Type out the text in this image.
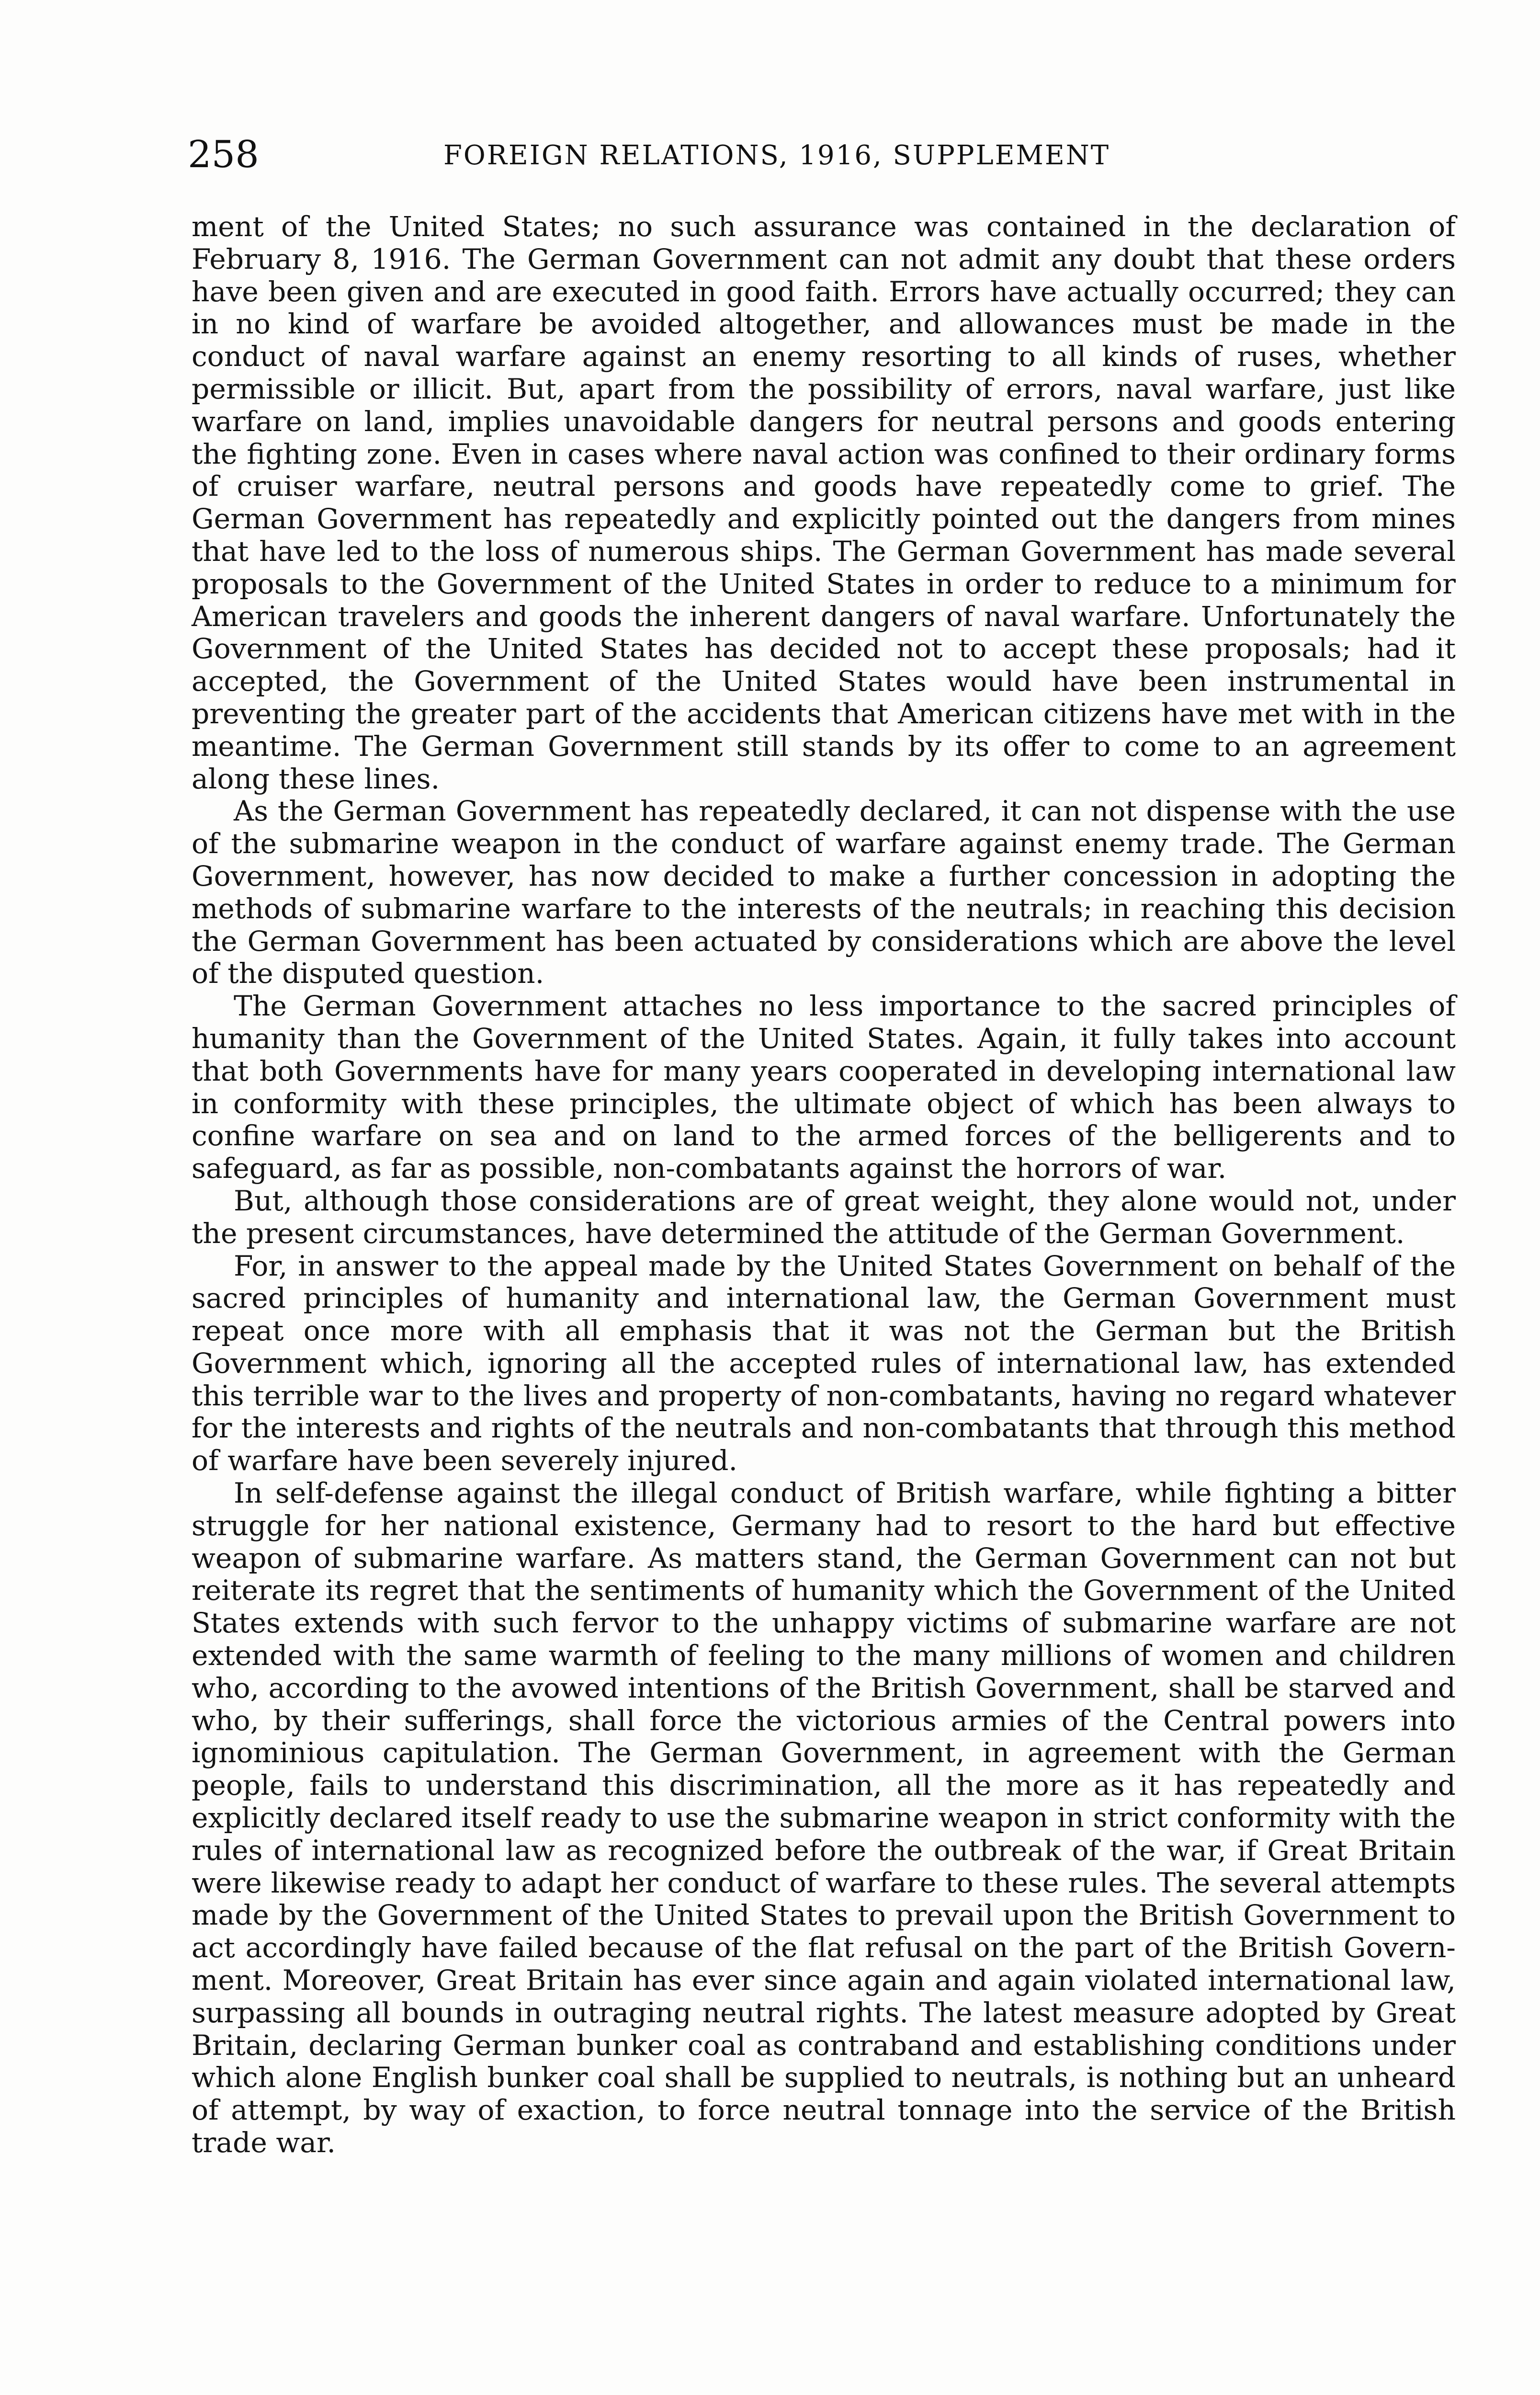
258	FOREIGN RELATIONS, 1916, SUPPLEMENT

ment of the United States; no such assurance was contained in the declaration of February 8, 1916. The German Government can not admit any doubt that these orders have been given and are executed in good faith. Errors have actually occurred; they can in no kind of warfare be avoided altogether, and allowances must be made in the conduct of naval warfare against an enemy resorting to all kinds of ruses, whether permissible or illicit. But, apart from the possibility of errors, naval warfare, just like warfare on land, implies unavoidable dangers for neutral persons and goods entering the fighting zone. Even in cases where naval action was confined to their ordinary forms of cruiser warfare, neutral persons and goods have repeatedly come to grief. The German Government has repeatedly and explicitly pointed out the dangers from mines that have led to the loss of numerous ships. The German Government has made several proposals to the Government of the United States in order to reduce to a minimum for American travelers and goods the inherent dangers of naval warfare. Unfortunately the Government of the United States has decided not to accept these proposals; had it accepted, the Government of the United States would have been instrumental in preventing the greater part of the accidents that American citizens have met with in the meantime. The German Government still stands by its offer to come to an agreement along these lines.

As the German Government has repeatedly declared, it can not dispense with the use of the submarine weapon in the conduct of warfare against enemy trade. The German Government, however, has now decided to make a further concession in adopting the methods of submarine warfare to the interests of the neutrals; in reaching this decision the German Government has been actuated by considerations which are above the level of the disputed question.

The German Government attaches no less importance to the sacred principles of humanity than the Government of the United States. Again, it fully takes into account that both Governments have for many years cooperated in developing international law in conformity with these principles, the ultimate object of which has been always to confine warfare on sea and on land to the armed forces of the belligerents and to safeguard, as far as possible, non-combatants against the horrors of war.

But, although those considerations are of great weight, they alone would not, under the present circumstances, have determined the attitude of the German Government.

For, in answer to the appeal made by the United States Government on behalf of the sacred principles of humanity and international law, the German Government must repeat once more with all emphasis that it was not the German but the British Government which, ignoring all the accepted rules of international law, has extended this terrible war to the lives and property of non-combatants, having no regard whatever for the interests and rights of the neutrals and non-combatants that through this method of warfare have been severely injured.

In self-defense against the illegal conduct of British warfare, while fighting a bitter struggle for her national existence, Germany had to resort to the hard but effective weapon of submarine warfare. As matters stand, the German Government can not but reiterate its regret that the sentiments of humanity which the Government of the United States extends with such fervor to the unhappy victims of submarine warfare are not extended with the same warmth of feeling to the many millions of women and children who, according to the avowed intentions of the British Government, shall be starved and who, by their sufferings, shall force the victorious armies of the Central powers into ignominious capitulation. The German Government, in agreement with the German people, fails to understand this discrimination, all the more as it has repeatedly and explicitly declared itself ready to use the submarine weapon in strict conformity with the rules of international law as recognized before the outbreak of the war, if Great Britain were likewise ready to adapt her conduct of warfare to these rules. The several attempts made by the Government of the United States to prevail upon the British Government to act accordingly have failed because of the flat refusal on the part of the British Government. Moreover, Great Britain has ever since again and again violated international law, surpassing all bounds in outraging neutral rights. The latest measure adopted by Great Britain, declaring German bunker coal as contraband and establishing conditions under which alone English bunker coal shall be supplied to neutrals, is nothing but an unheard of attempt, by way of exaction, to force neutral tonnage into the service of the British trade war.
